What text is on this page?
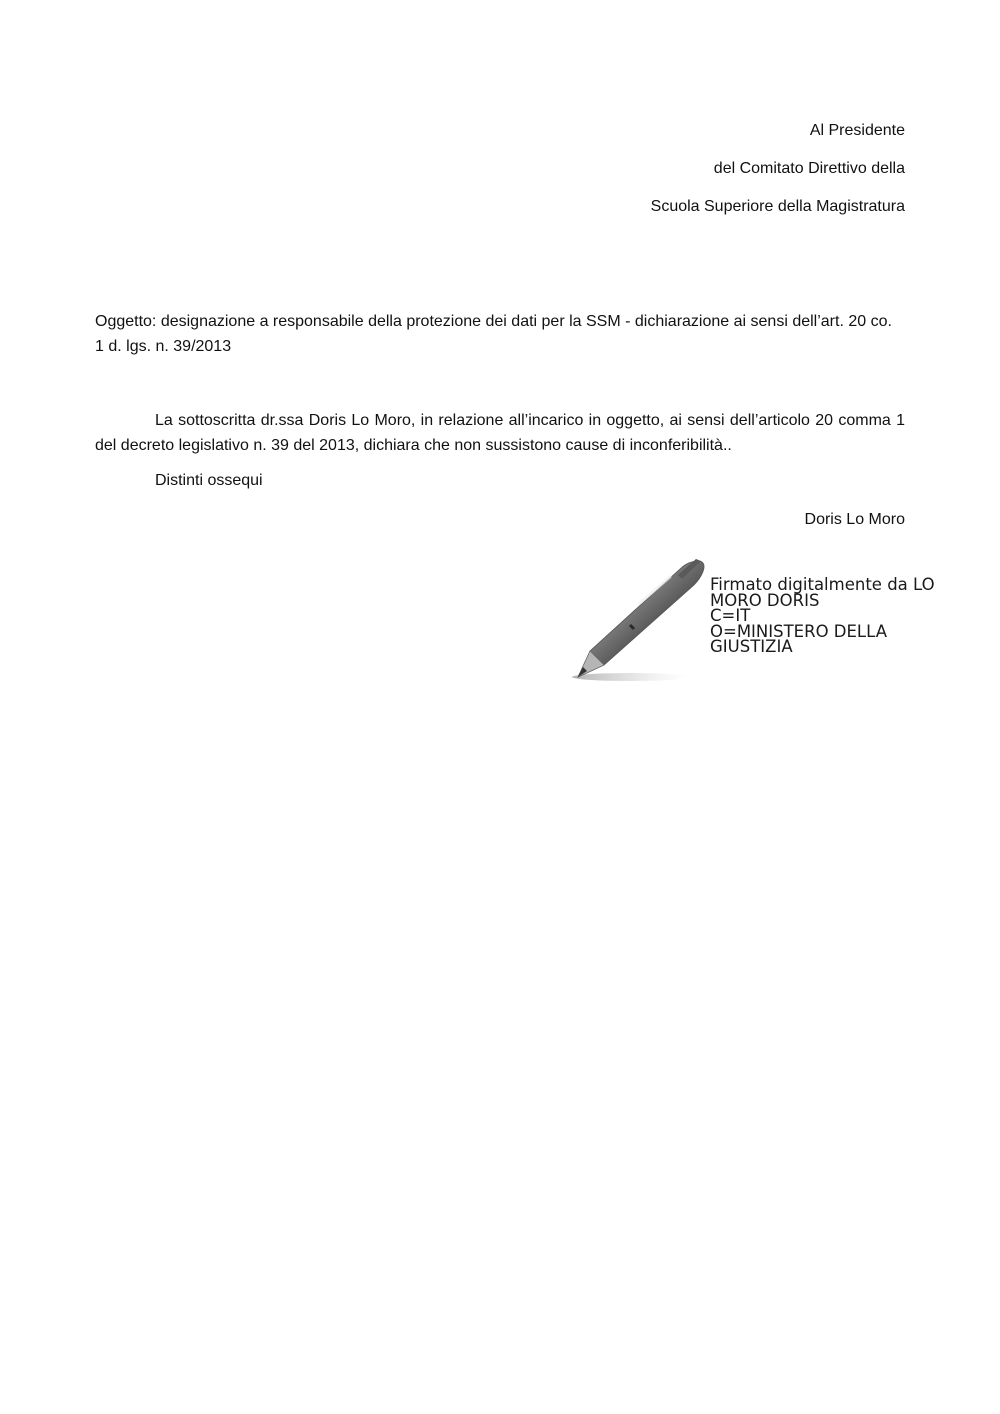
Al Presidente
del Comitato Direttivo della
Scuola Superiore della Magistratura
Oggetto: designazione a responsabile della protezione dei dati per la SSM - dichiarazione ai sensi dell’art. 20 co. 1 d. lgs. n. 39/2013
La sottoscritta dr.ssa Doris Lo Moro, in relazione all’incarico in oggetto, ai sensi dell’articolo 20 comma 1 del decreto legislativo n. 39 del 2013, dichiara che non sussistono cause di inconferibilità..
Distinti ossequi
Doris Lo Moro
Firmato digitalmente da LO
MORO DORIS
C=IT
O=MINISTERO DELLA
GIUSTIZIA
